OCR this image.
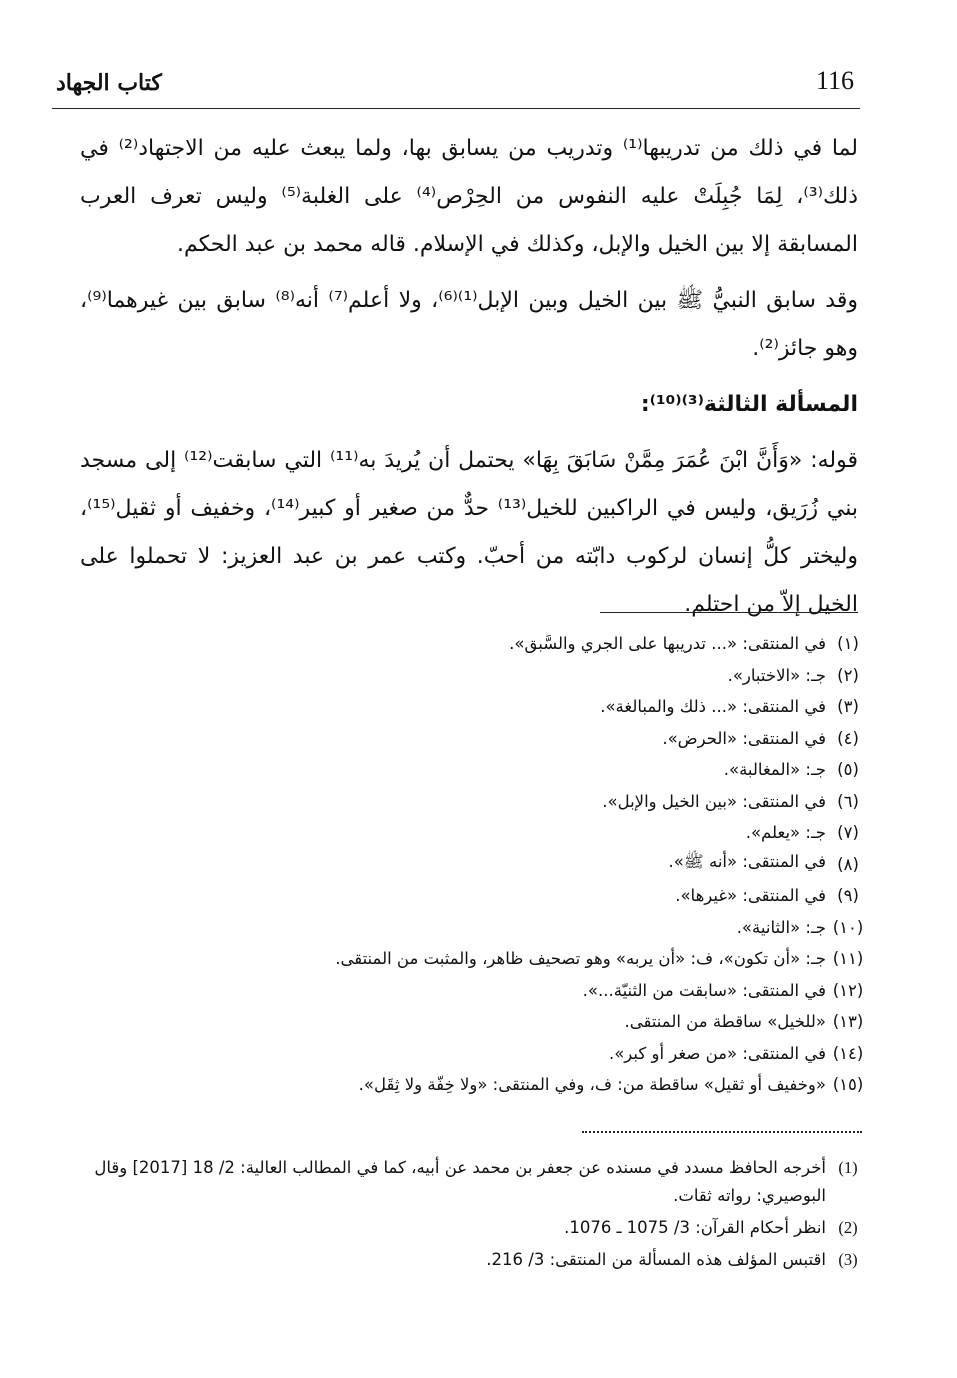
116
كتاب الجهاد

لما في ذلك من تدريبها⁽¹⁾ وتدريب من يسابق بها، ولما يبعث عليه من الاجتهاد⁽²⁾ في ذلك⁽³⁾، لِمَا جُبِلَتْ عليه النفوس من الحِرْص⁽⁴⁾ على الغلبة⁽⁵⁾ وليس تعرف العرب المسابقة إلا بين الخيل والإبل، وكذلك في الإسلام. قاله محمد بن عبد الحكم.

وقد سابق النبيُّ ﷺ بين الخيل وبين الإبل⁽¹⁾⁽⁶⁾، ولا أعلم⁽⁷⁾ أنه⁽⁸⁾ سابق بين غيرهما⁽⁹⁾، وهو جائز⁽²⁾.

المسألة الثالثة⁽³⁾⁽¹⁰⁾:

قوله: «وَأَنَّ ابْنَ عُمَرَ مِمَّنْ سَابَقَ بِهَا» يحتمل أن يُريدَ به⁽¹¹⁾ التي سابقت⁽¹²⁾ إلى مسجد بني زُرَيق، وليس في الراكبين للخيل⁽¹³⁾ حدٌّ من صغير أو كبير⁽¹⁴⁾، وخفيف أو ثقيل⁽¹⁵⁾، وليختر كلُّ إنسان لركوب دابّته من أحبّ. وكتب عمر بن عبد العزيز: لا تحملوا على الخيل إلاّ من احتلم.

(١)
في المنتقى: «... تدريبها على الجري والسَّبق».
(٢)
جـ: «الاختبار».
(٣)
في المنتقى: «... ذلك والمبالغة».
(٤)
في المنتقى: «الحرض».
(٥)
جـ: «المغالبة».
(٦)
في المنتقى: «بين الخيل والإبل».
(٧)
جـ: «يعلم».
(٨)
في المنتقى: «أنه ﷺ».
(٩)
في المنتقى: «غيرها».
(١٠)
جـ: «الثانية».
(١١)
جـ: «أن تكون»، ف: «أن يربه» وهو تصحيف ظاهر، والمثبت من المنتقى.
(١٢)
في المنتقى: «سابقت من الثنيّة...».
(١٣)
«للخيل» ساقطة من المنتقى.
(١٤)
في المنتقى: «من صغر أو كبر».
(١٥)
«وخفيف أو ثقيل» ساقطة من: ف، وفي المنتقى: «ولا خِفّة ولا ثِقَل».
(1)
أخرجه الحافظ مسدد في مسنده عن جعفر بن محمد عن أبيه، كما في المطالب العالية: 2/ 18 [2017] وقال البوصيري: رواته ثقات.
(2)
انظر أحكام القرآن: 3/ 1075 ـ 1076.
(3)
اقتبس المؤلف هذه المسألة من المنتقى: 3/ 216.
